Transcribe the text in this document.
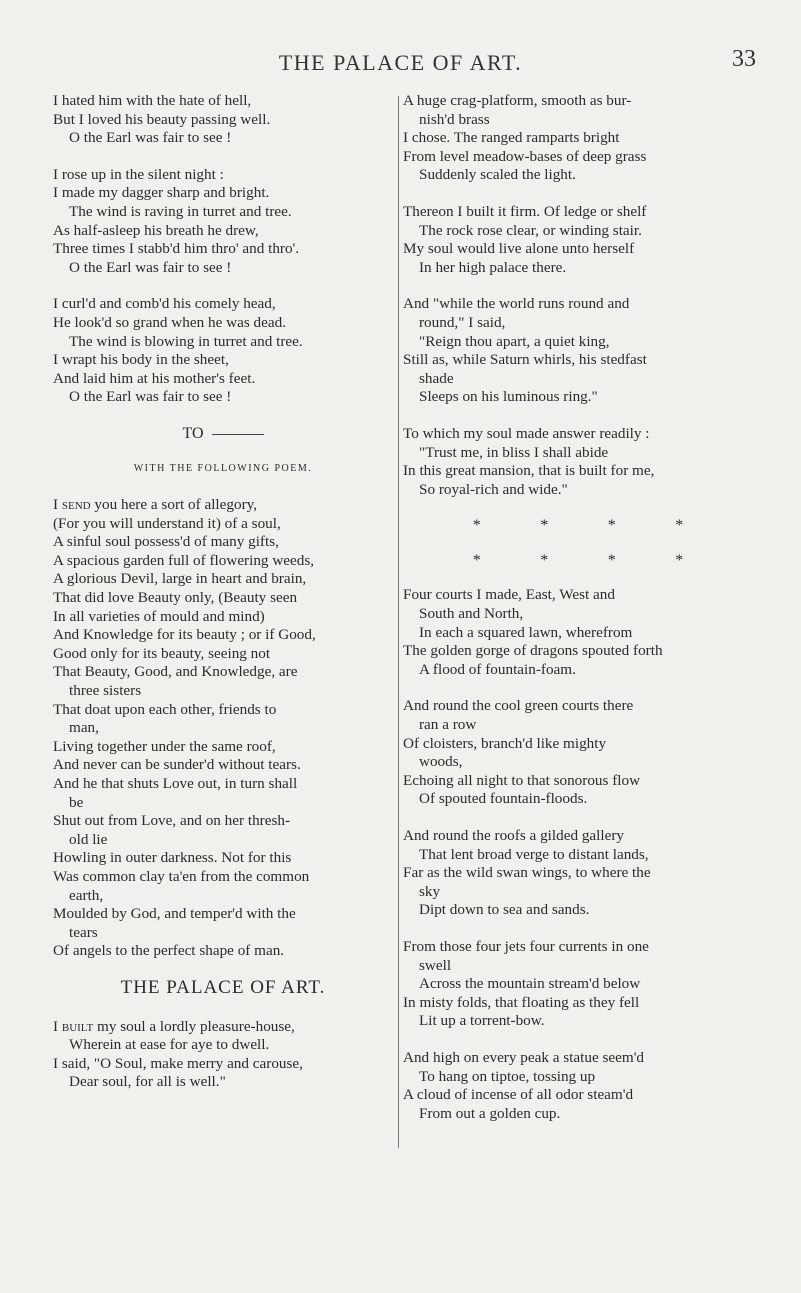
THE PALACE OF ART.	33
I hated him with the hate of hell,
But I loved his beauty passing well.
O the Earl was fair to see !
I rose up in the silent night :
I made my dagger sharp and bright.
The wind is raving in turret and tree.
As half-asleep his breath he drew,
Three times I stabb'd him thro' and thro'.
O the Earl was fair to see !
I curl'd and comb'd his comely head,
He look'd so grand when he was dead.
The wind is blowing in turret and tree.
I wrapt his body in the sheet,
And laid him at his mother's feet.
O the Earl was fair to see !
TO
WITH THE FOLLOWING POEM.
I send you here a sort of allegory,
(For you will understand it) of a soul,
A sinful soul possess'd of many gifts,
A spacious garden full of flowering weeds,
A glorious Devil, large in heart and brain,
That did love Beauty only, (Beauty seen
In all varieties of mould and mind)
And Knowledge for its beauty ; or if Good,
Good only for its beauty, seeing not
That Beauty, Good, and Knowledge, are
three sisters
That doat upon each other, friends to
man,
Living together under the same roof,
And never can be sunder'd without tears.
And he that shuts Love out, in turn shall
be
Shut out from Love, and on her thresh-
old lie
Howling in outer darkness. Not for this
Was common clay ta'en from the common
earth,
Moulded by God, and temper'd with the
tears
Of angels to the perfect shape of man.
THE PALACE OF ART.
I built my soul a lordly pleasure-house,
Wherein at ease for aye to dwell.
I said, "O Soul, make merry and carouse,
Dear soul, for all is well."
A huge crag-platform, smooth as bur-
nish'd brass
I chose. The ranged ramparts bright
From level meadow-bases of deep grass
Suddenly scaled the light.
Thereon I built it firm. Of ledge or shelf
The rock rose clear, or winding stair.
My soul would live alone unto herself
In her high palace there.
And "while the world runs round and
round," I said,
"Reign thou apart, a quiet king,
Still as, while Saturn whirls, his stedfast
shade
Sleeps on his luminous ring."
To which my soul made answer readily :
"Trust me, in bliss I shall abide
In this great mansion, that is built for me,
So royal-rich and wide."
*	*	*	*
*	*	*	*
Four courts I made, East, West and
South and North,
In each a squared lawn, wherefrom
The golden gorge of dragons spouted forth
A flood of fountain-foam.
And round the cool green courts there
ran a row
Of cloisters, branch'd like mighty
woods,
Echoing all night to that sonorous flow
Of spouted fountain-floods.
And round the roofs a gilded gallery
That lent broad verge to distant lands,
Far as the wild swan wings, to where the
sky
Dipt down to sea and sands.
From those four jets four currents in one
swell
Across the mountain stream'd below
In misty folds, that floating as they fell
Lit up a torrent-bow.
And high on every peak a statue seem'd
To hang on tiptoe, tossing up
A cloud of incense of all odor steam'd
From out a golden cup.
